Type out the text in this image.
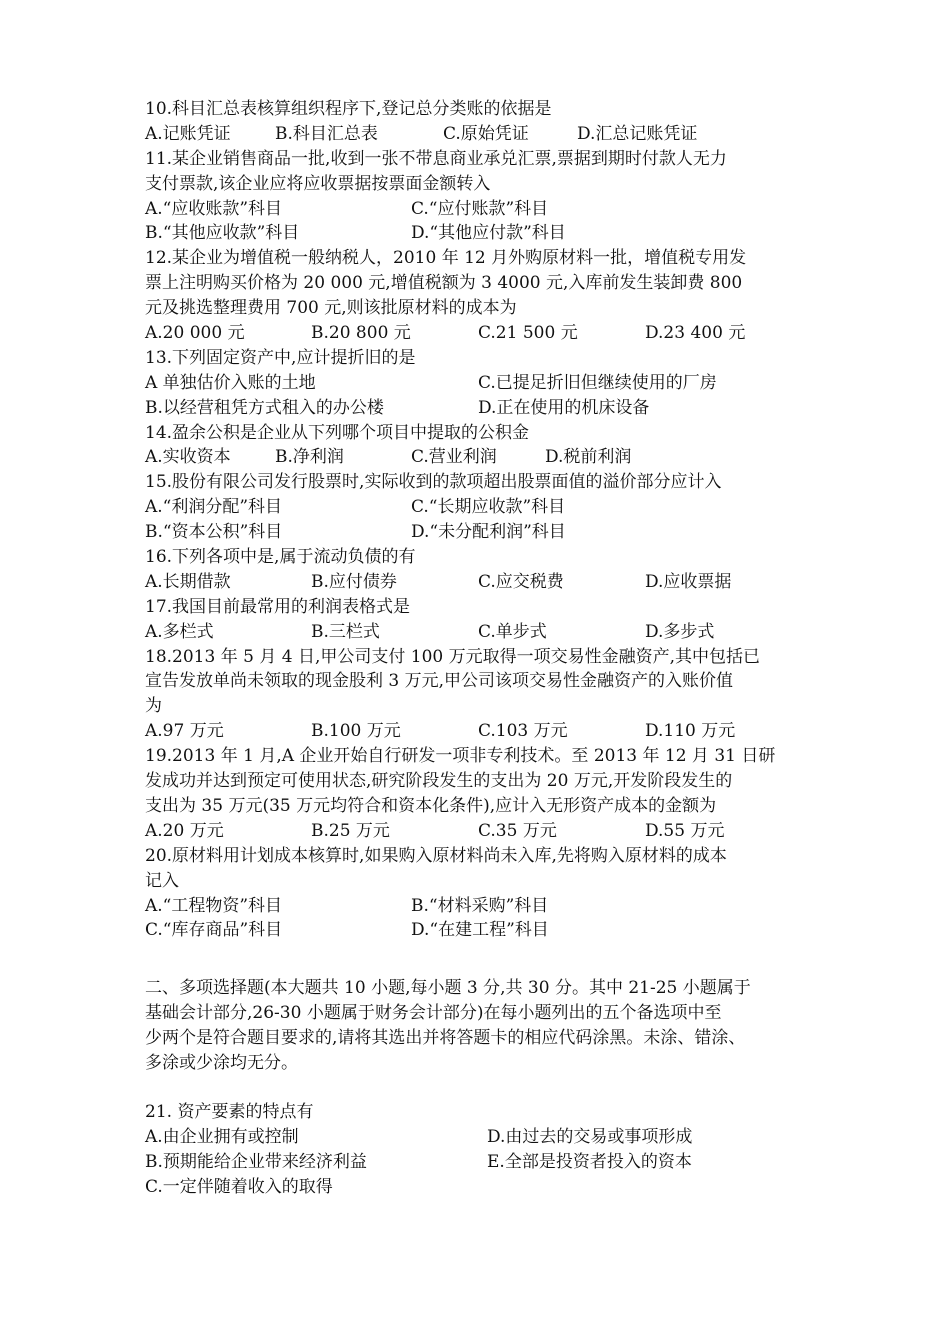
10.科目汇总表核算组织程序下,登记总分类账的依据是
A.记账凭证	B.科目汇总表	C.原始凭证	D.汇总记账凭证
11.某企业销售商品一批,收到一张不带息商业承兑汇票,票据到期时付款人无力
支付票款,该企业应将应收票据按票面金额转入
A.“应收账款”科目	C.“应付账款”科目
B.“其他应收款”科目	D.“其他应付款”科目
12.某企业为增值税一般纳税人，2010 年 12 月外购原材料一批，增值税专用发
票上注明购买价格为 20 000 元,增值税额为 3 4000 元,入库前发生装卸费 800
元及挑选整理费用 700 元,则该批原材料的成本为
A.20 000 元	B.20 800 元	C.21 500 元	D.23 400 元
13.下列固定资产中,应计提折旧的是
A 单独估价入账的土地	C.已提足折旧但继续使用的厂房
B.以经营租凭方式租入的办公楼	D.正在使用的机床设备
14.盈余公积是企业从下列哪个项目中提取的公积金
A.实收资本	B.净利润	C.营业利润	D.税前利润
15.股份有限公司发行股票时,实际收到的款项超出股票面值的溢价部分应计入
A.“利润分配”科目	C.“长期应收款”科目
B.“资本公积”科目	D.“未分配利润”科目
16.下列各项中是,属于流动负债的有
A.长期借款	B.应付债券	C.应交税费	D.应收票据
17.我国目前最常用的利润表格式是
A.多栏式	B.三栏式	C.单步式	D.多步式
18.2013 年 5 月 4 日,甲公司支付 100 万元取得一项交易性金融资产,其中包括已
宣告发放单尚未领取的现金股利 3 万元,甲公司该项交易性金融资产的入账价值
为
A.97 万元	B.100 万元	C.103 万元	D.110 万元
19.2013 年 1 月,A 企业开始自行研发一项非专利技术。至 2013 年 12 月 31 日研
发成功并达到预定可使用状态,研究阶段发生的支出为 20 万元,开发阶段发生的
支出为 35 万元(35 万元均符合和资本化条件),应计入无形资产成本的金额为
A.20 万元	B.25 万元	C.35 万元	D.55 万元
20.原材料用计划成本核算时,如果购入原材料尚未入库,先将购入原材料的成本
记入
A.“工程物资”科目	B.“材料采购”科目
C.“库存商品”科目	D.“在建工程”科目
二、多项选择题(本大题共 10 小题,每小题 3 分,共 30 分。其中 21-25 小题属于
基础会计部分,26-30 小题属于财务会计部分)在每小题列出的五个备选项中至
少两个是符合题目要求的,请将其选出并将答题卡的相应代码涂黑。未涂、错涂、
多涂或少涂均无分。
21. 资产要素的特点有
A.由企业拥有或控制	D.由过去的交易或事项形成
B.预期能给企业带来经济利益	E.全部是投资者投入的资本
C.一定伴随着收入的取得
